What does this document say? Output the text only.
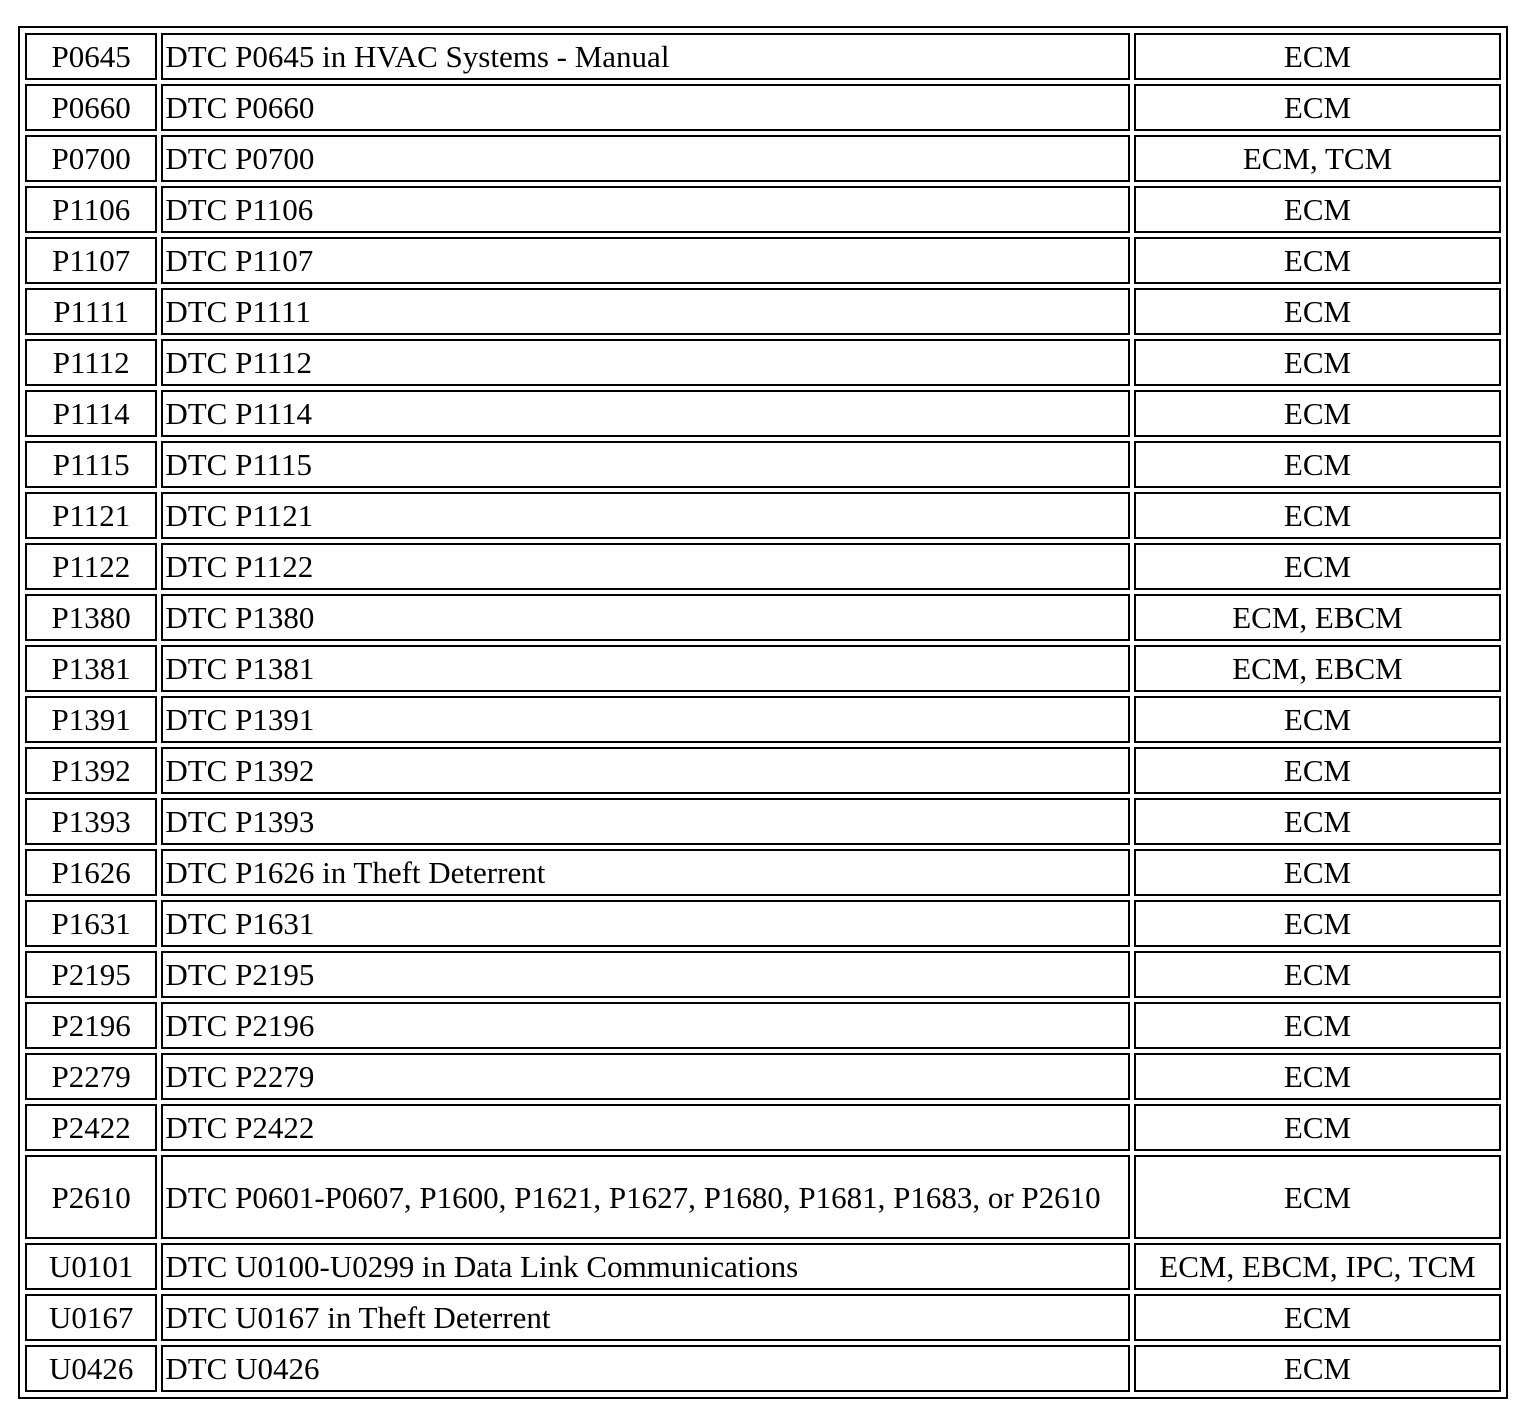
P0645	DTC P0645 in HVAC Systems - Manual	ECM
P0660	DTC P0660	ECM
P0700	DTC P0700	ECM, TCM
P1106	DTC P1106	ECM
P1107	DTC P1107	ECM
P1111	DTC P1111	ECM
P1112	DTC P1112	ECM
P1114	DTC P1114	ECM
P1115	DTC P1115	ECM
P1121	DTC P1121	ECM
P1122	DTC P1122	ECM
P1380	DTC P1380	ECM, EBCM
P1381	DTC P1381	ECM, EBCM
P1391	DTC P1391	ECM
P1392	DTC P1392	ECM
P1393	DTC P1393	ECM
P1626	DTC P1626 in Theft Deterrent	ECM
P1631	DTC P1631	ECM
P2195	DTC P2195	ECM
P2196	DTC P2196	ECM
P2279	DTC P2279	ECM
P2422	DTC P2422	ECM
P2610	DTC P0601-P0607, P1600, P1621, P1627, P1680, P1681, P1683, or P2610	ECM
U0101	DTC U0100-U0299 in Data Link Communications	ECM, EBCM, IPC, TCM
U0167	DTC U0167 in Theft Deterrent	ECM
U0426	DTC U0426	ECM
